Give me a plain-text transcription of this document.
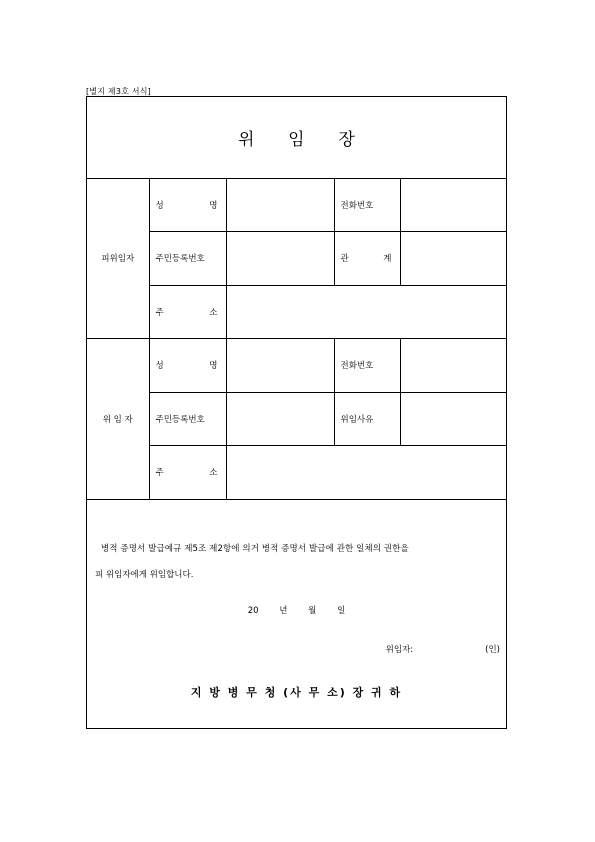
[별지 제3호 서식]
위 임 장
피위임자	성 명		전화번호	
	주민등록번호		관 계	

	주 소			

위 임 자	성 명		전화번호	
	주민등록번호		위임사유	

	주 소			

병적 증명서 발급예규 제5조 제2항에 의거 병적 증명서 발급에 관한 일체의 권한을
피 위임자에게 위임합니다.
20 년 월 일
위임자:	(인)
지 방 병 무 청 (사 무 소) 장 귀 하
